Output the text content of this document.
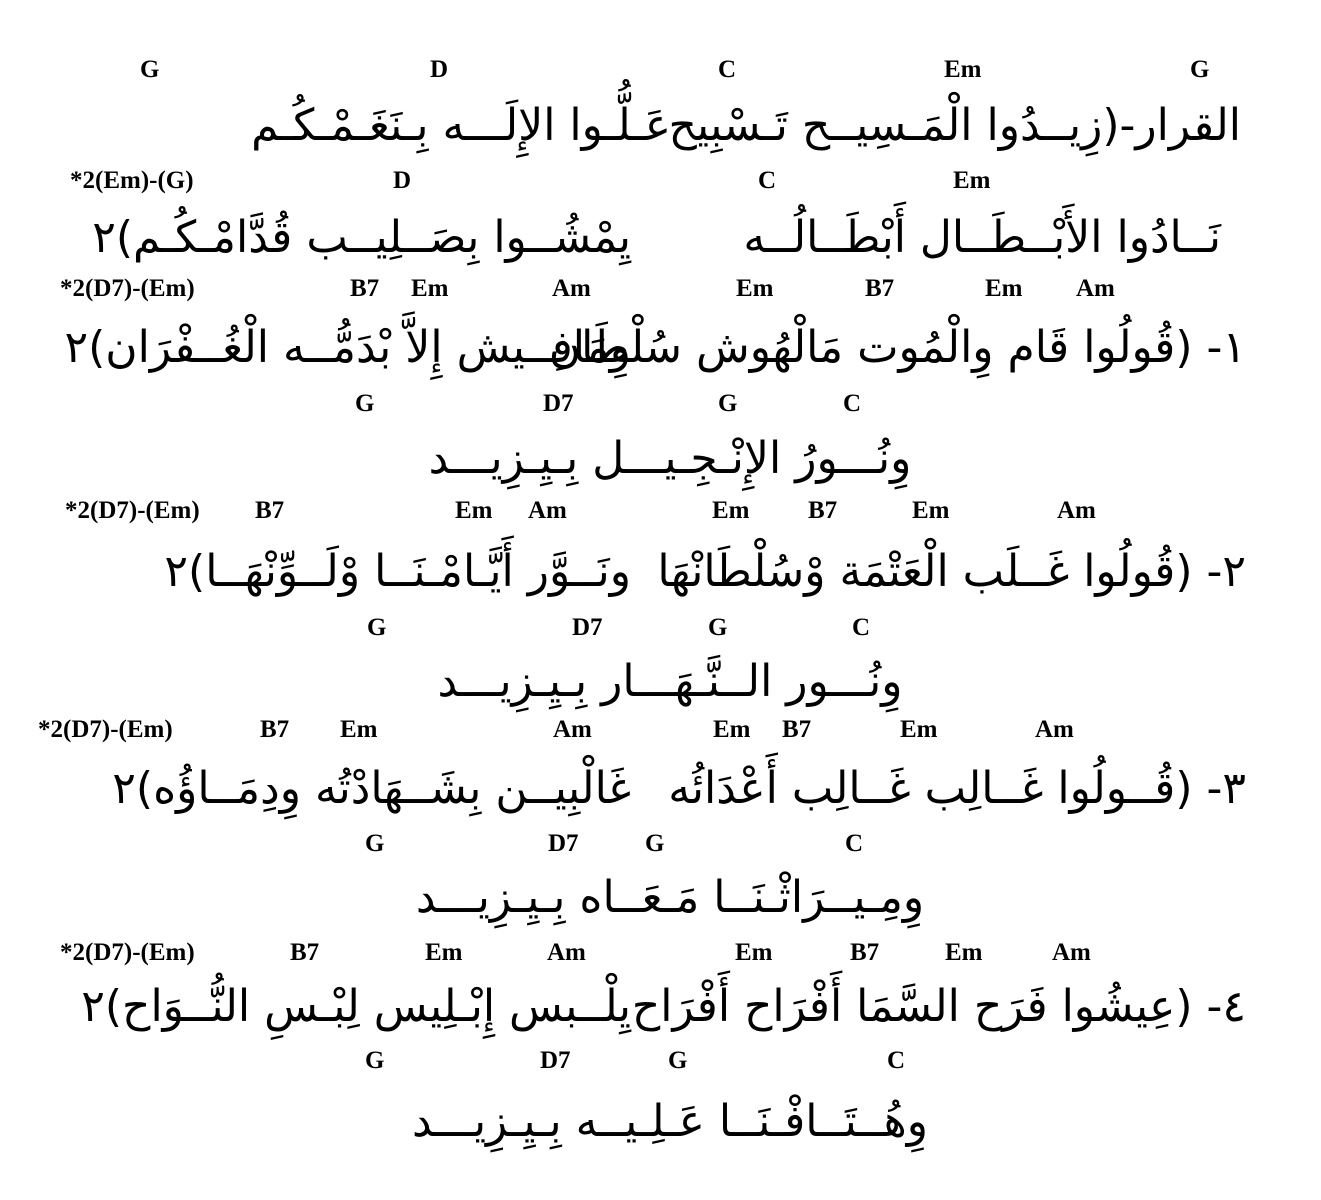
G	D	C	Em	G
القرار-(زِيــدُوا الْمَـسِيــح تَـسْبِيح
عَـلُّـوا الإِلَـــه بِـنَغَـمْـكُـم
*2(Em)-(G)	D	C	Em
نَــادُوا الأَبْــطَــال أَبْطَــالُــه
يِمْشُــوا بِصَــلِيــب قُدَّامْـكُـم)٢
*2(D7)-(Em)	B7 Em	Am	Em	B7	Em Am
١- (قُولُوا قَام وِالْمُوت مَالْهُوش سُلْطَان
وِمَافِــيش إِلاَّ بْدَمُّــه الْغُــفْرَان)٢
G	D7	G	C
وِنُـــورُ الإِنْـجِـيـــل بِـيِـزِيـــد
*2(D7)-(Em) B7	Em Am	Em B7	Em	Am
٢- (قُولُوا غَــلَب الْعَتْمَة وْسُلْطَانْهَا
ونَــوَّر أَيَّـامْـنَــا وْلَــوِّنْهَــا)٢
G	D7	G	C
وِنُـــور الــنَّـهَـــار بِـيِـزِيـــد
*2(D7)-(Em)	B7 Em	Am	Em B7	Em	Am
٣- (قُــولُوا غَــالِب غَــالِب أَعْدَائُه
غَالْبِيــن بِشَــهَادْتُه وِدِمَــاؤُه)٢
G	D7	G	C
وِمِـيــرَاثْـنَــا مَـعَــاه بِـيِـزِيـــد
*2(D7)-(Em)	B7	Em	Am	Em	B7	Em	Am
٤- (عِيشُوا فَرَح السَّمَا أَفْرَاح أَفْرَاح
يِلْــبس إِبْـلِيس لِبْـسِ النُّــوَاح)٢
G	D7	G	C
وِهُــتَــافْـنَــا عَـلِـيــه بِـيِـزِيـــد
